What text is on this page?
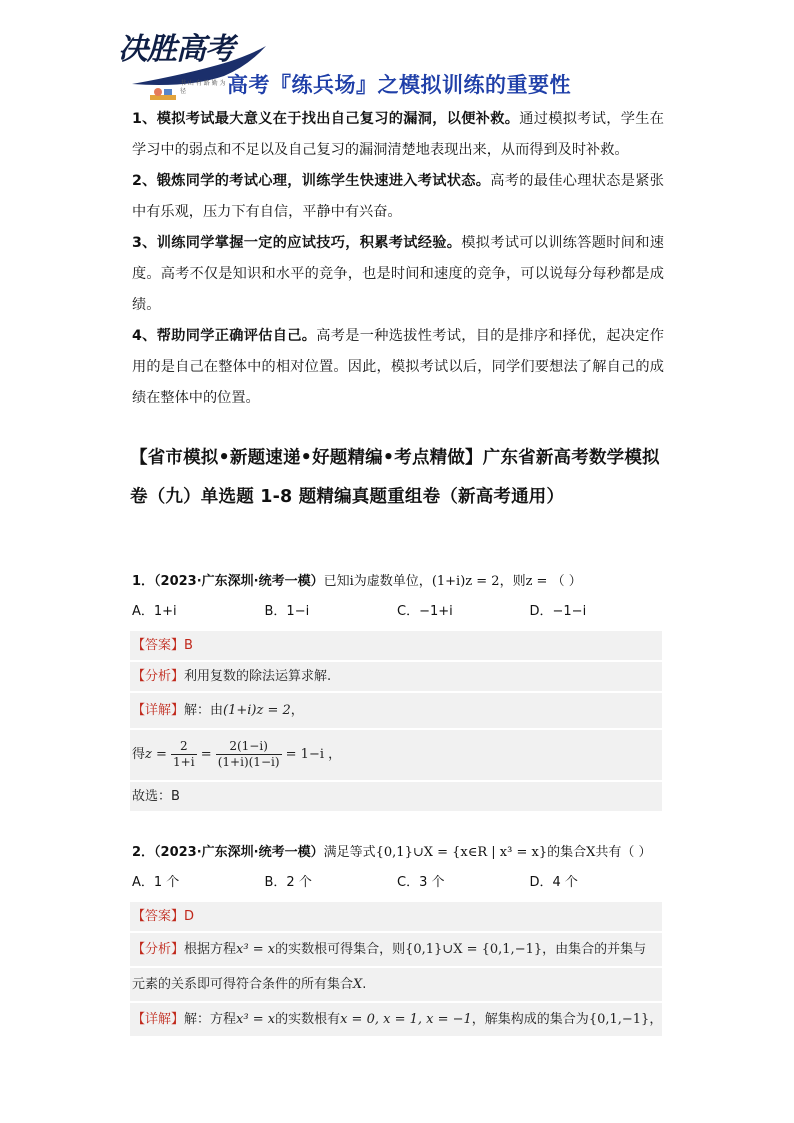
决胜高考
书 山 有 路 勤 为 径	高考『练兵场』之模拟训练的重要性

1、模拟考试最大意义在于找出自己复习的漏洞，以便补救。通过模拟考试，学生在学习中的弱点和不足以及自己复习的漏洞清楚地表现出来，从而得到及时补救。

2、锻炼同学的考试心理，训练学生快速进入考试状态。高考的最佳心理状态是紧张中有乐观，压力下有自信，平静中有兴奋。

3、训练同学掌握一定的应试技巧，积累考试经验。模拟考试可以训练答题时间和速度。高考不仅是知识和水平的竞争，也是时间和速度的竞争，可以说每分每秒都是成绩。

4、帮助同学正确评估自己。高考是一种选拔性考试，目的是排序和择优，起决定作用的是自己在整体中的相对位置。因此，模拟考试以后，同学们要想法了解自己的成绩在整体中的位置。

【省市模拟•新题速递•好题精编•考点精做】广东省新高考数学模拟卷（九）单选题 1-8 题精编真题重组卷（新高考通用）
1．（2023·广东深圳·统考一模）已知i为虚数单位，(1+i)z = 2，则z = （ ）
A．1+i	B．1−i	C．−1+i	D．−1−i
【答案】B
【分析】利用复数的除法运算求解.
【详解】解：由(1+i)z = 2，
得$z = \frac{2}{1+i} = \frac{2(1-i)}{(1+i)(1-i)} = 1-i$ ，
故选：B
2．（2023·广东深圳·统考一模）满足等式{0,1}∪X = {x∈R | x³ = x}的集合X共有（ ）
A．1 个	B．2 个	C．3 个	D．4 个
【答案】D
【分析】根据方程x³ = x的实数根可得集合，则{0,1}∪X = {0,1,−1}，由集合的并集与
元素的关系即可得符合条件的所有集合X.
【详解】解：方程x³ = x的实数根有x = 0, x = 1, x = −1，解集构成的集合为{0,1,−1}，
